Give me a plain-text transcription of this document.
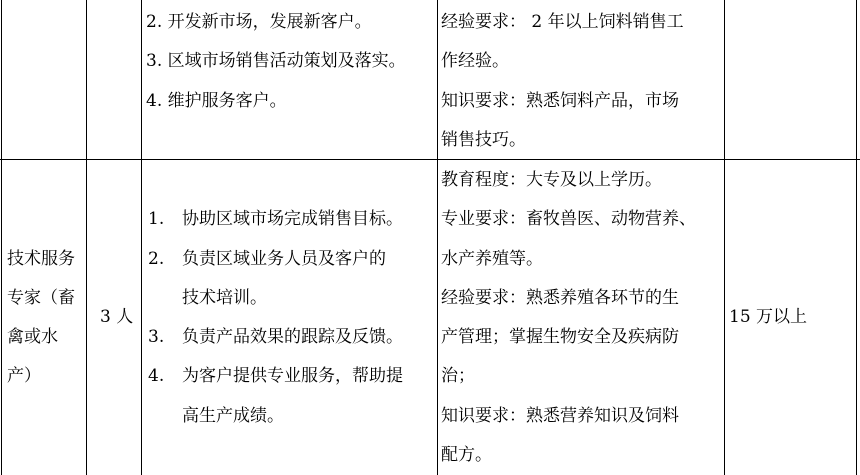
2. 开发新市场，发展新客户。
3. 区域市场销售活动策划及落实。
4. 维护服务客户。
经验要求： 2 年以上饲料销售工
作经验。
知识要求：熟悉饲料产品，市场
销售技巧。
技术服务
专家（畜
禽或水
产）
3 人
1. 协助区域市场完成销售目标。
2. 负责区域业务人员及客户的
技术培训。
3. 负责产品效果的跟踪及反馈。
4. 为客户提供专业服务，帮助提
高生产成绩。
教育程度：大专及以上学历。
专业要求：畜牧兽医、动物营养、
水产养殖等。
经验要求：熟悉养殖各环节的生
产管理；掌握生物安全及疾病防
治；
知识要求：熟悉营养知识及饲料
配方。
15 万以上
